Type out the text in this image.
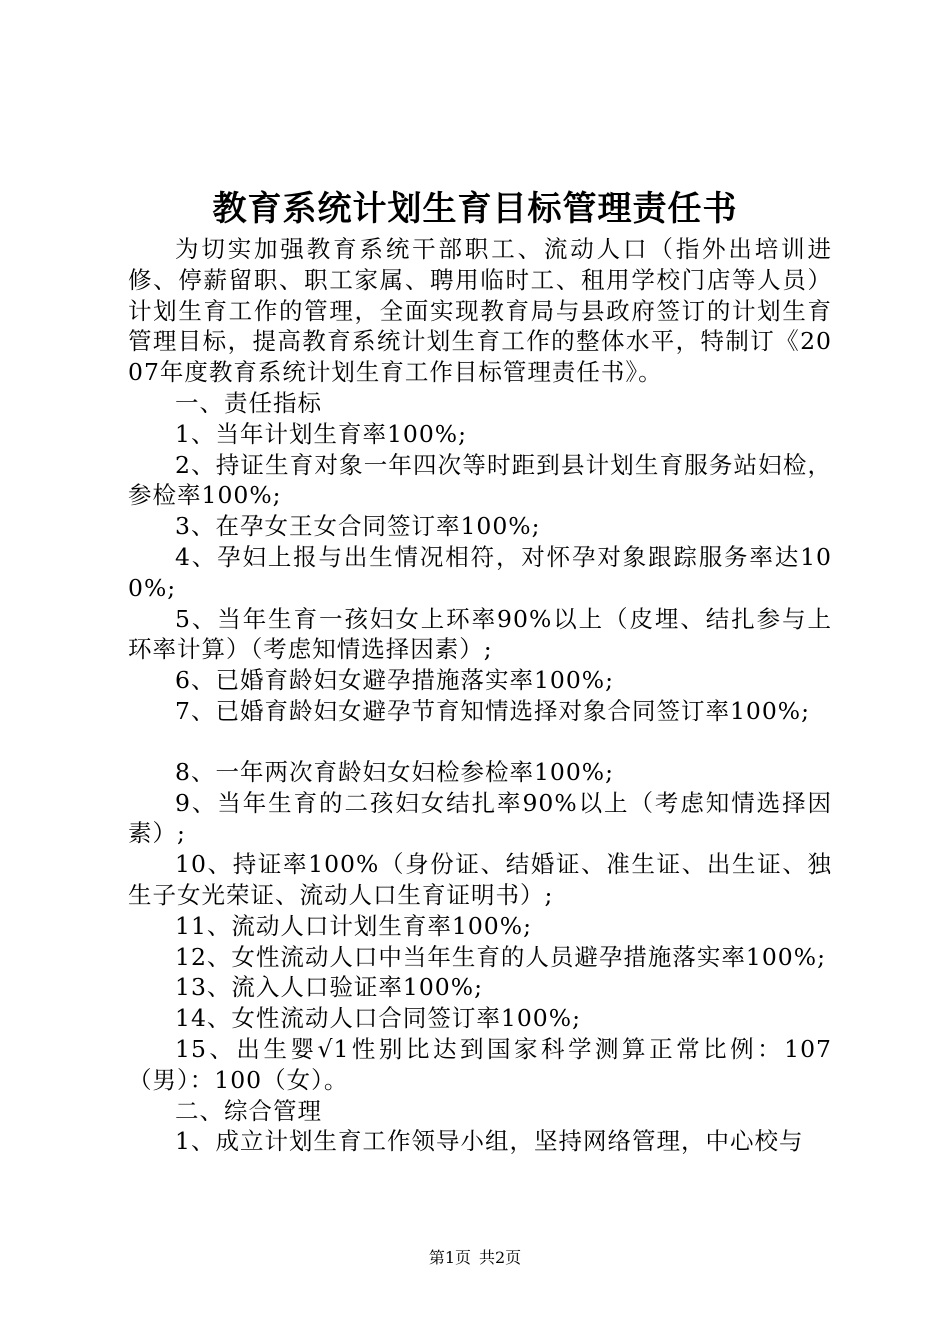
教育系统计划生育目标管理责任书

为切实加强教育系统干部职工、流动人口（指外出培训进修、停薪留职、职工家属、聘用临时工、租用学校门店等人员）计划生育工作的管理，全面实现教育局与县政府签订的计划生育管理目标，提高教育系统计划生育工作的整体水平，特制订《2007年度教育系统计划生育工作目标管理责任书》。

一、责任指标

1、当年计划生育率100%;

2、持证生育对象一年四次等时距到县计划生育服务站妇检，参检率100%;

3、在孕女王女合同签订率100%;

4、孕妇上报与出生情况相符，对怀孕对象跟踪服务率达100%;

5、当年生育一孩妇女上环率90%以上（皮埋、结扎参与上环率计算）（考虑知情选择因素）;

6、已婚育龄妇女避孕措施落实率100%;

7、已婚育龄妇女避孕节育知情选择对象合同签订率100%;

8、一年两次育龄妇女妇检参检率100%;

9、当年生育的二孩妇女结扎率90%以上（考虑知情选择因素）;

10、持证率100%（身份证、结婚证、准生证、出生证、独生子女光荣证、流动人口生育证明书）;

11、流动人口计划生育率100%;

12、女性流动人口中当年生育的人员避孕措施落实率100%;

13、流入人口验证率100%;

14、女性流动人口合同签订率100%;

15、出生婴√1性别比达到国家科学测算正常比例：107（男）：100（女）。

二、综合管理

1、成立计划生育工作领导小组，坚持网络管理，中心校与

第1页 共2页
